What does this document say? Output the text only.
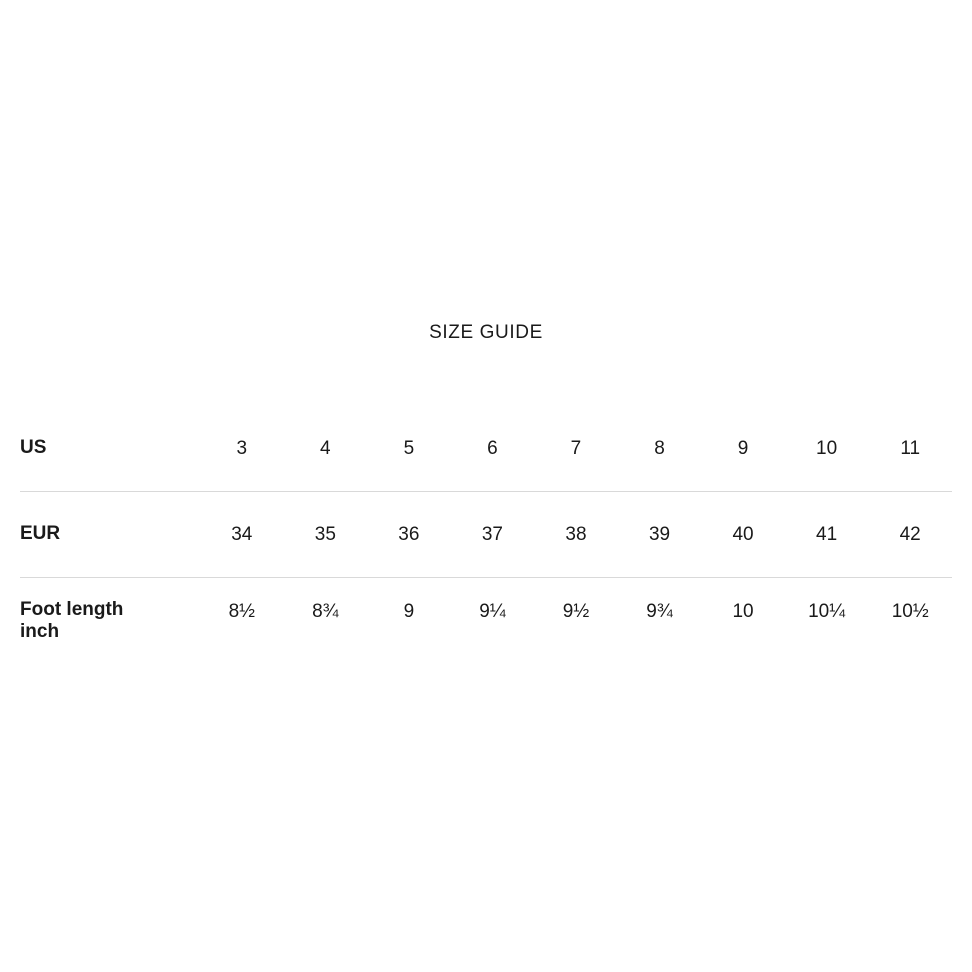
SIZE GUIDE
US	3	4	5	6	7	8	9	10	11

EUR	34	35	36	37	38	39	40	41	42

Foot length
inch	8½	8¾	9	9¼	9½	9¾	10	10¼	10½
